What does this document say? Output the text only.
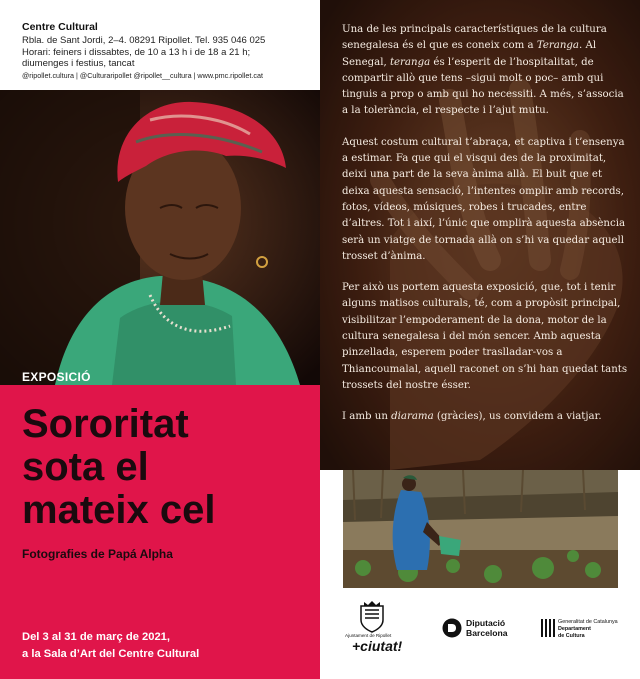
Centre Cultural
Rbla. de Sant Jordi, 2–4. 08291 Ripollet. Tel. 935 046 025
Horari: feiners i dissabtes, de 10 a 13 h i de 18 a 21 h;
diumenges i festius, tancat
@ripollet.cultura | @Culturaripollet @ripollet__cultura | www.pmc.ripollet.cat
EXPOSICIÓ
Sororitat
sota el
mateix cel
Fotografies de Papá Alpha
Del 3 al 31 de març de 2021,
a la Sala d’Art del Centre Cultural

Una de les principals característiques de la cultura senegalesa és el que es coneix com a Teranga. Al Senegal, teranga és l’esperit de l’hospitalitat, de compartir allò que tens –sigui molt o poc– amb qui tinguis a prop o amb qui ho necessiti. A més, s’associa a la tolerància, el respecte i l’ajut mutu.

Aquest costum cultural t’abraça, et captiva i t’ensenya a estimar. Fa que qui el visqui des de la proximitat, deixi una part de la seva ànima allà. El buit que et deixa aquesta sensació, l’intentes omplir amb records, fotos, vídeos, músiques, robes i trucades, entre d’altres. Tot i així, l’únic que omplirà aquesta absència serà un viatge de tornada allà on s’hi va quedar aquell trosset d’ànima.

Per això us portem aquesta exposició, que, tot i tenir alguns matisos culturals, té, com a propòsit principal, visibilitzar l’empoderament de la dona, motor de la cultura senegalesa i del món sencer. Amb aquesta pinzellada, esperem poder traslladar-vos a Thiancoumalal, aquell raconet on s’hi han quedat tants trossets del nostre ésser.

I amb un diarama (gràcies), us convidem a viatjar.

Ajuntament de Ripollet
+ciutat!
Diputació
Barcelona
Generalitat de Catalunya
Departament
de Cultura
